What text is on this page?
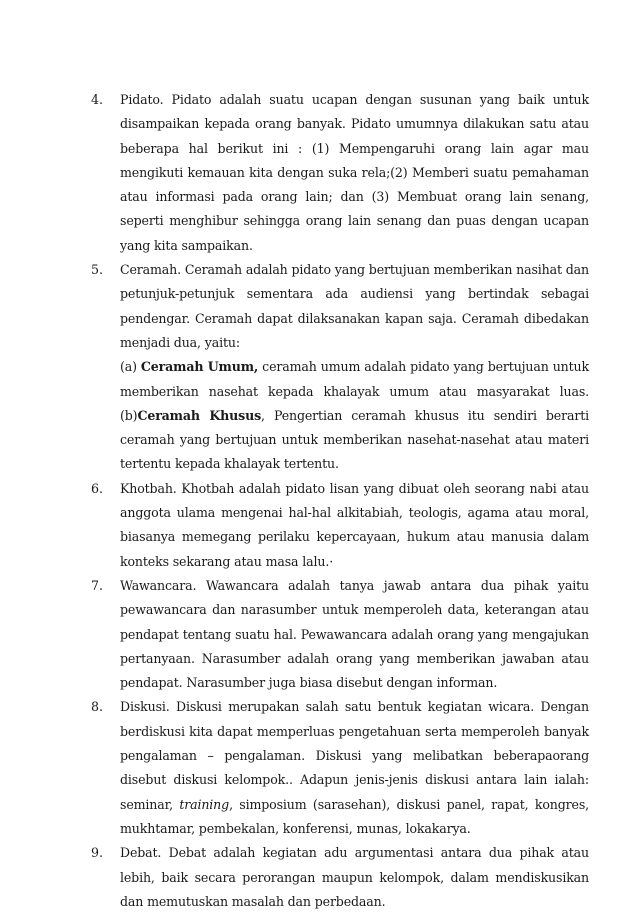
4. Pidato. Pidato adalah suatu ucapan dengan susunan yang baik untuk disampaikan kepada orang banyak. Pidato umumnya dilakukan satu atau beberapa hal berikut ini : (1) Mempengaruhi orang lain agar mau mengikuti kemauan kita dengan suka rela;(2) Memberi suatu pemahaman atau informasi pada orang lain; dan (3) Membuat orang lain senang, seperti menghibur sehingga orang lain senang dan puas dengan ucapan yang kita sampaikan.

5. Ceramah. Ceramah adalah pidato yang bertujuan memberikan nasihat dan petunjuk-petunjuk sementara ada audiensi yang bertindak sebagai pendengar. Ceramah dapat dilaksanakan kapan saja. Ceramah dibedakan menjadi dua, yaitu:

(a) Ceramah Umum, ceramah umum adalah pidato yang bertujuan untuk memberikan nasehat kepada khalayak umum atau masyarakat luas. (b)Ceramah Khusus, Pengertian ceramah khusus itu sendiri berarti ceramah yang bertujuan untuk memberikan nasehat-nasehat atau materi tertentu kepada khalayak tertentu.

6. Khotbah. Khotbah adalah pidato lisan yang dibuat oleh seorang nabi atau anggota ulama mengenai hal-hal alkitabiah, teologis, agama atau moral, biasanya memegang perilaku kepercayaan, hukum atau manusia dalam konteks sekarang atau masa lalu.·

7. Wawancara. Wawancara adalah tanya jawab antara dua pihak yaitu pewawancara dan narasumber untuk memperoleh data, keterangan atau pendapat tentang suatu hal. Pewawancara adalah orang yang mengajukan pertanyaan. Narasumber adalah orang yang memberikan jawaban atau pendapat. Narasumber juga biasa disebut dengan informan.

8. Diskusi. Diskusi merupakan salah satu bentuk kegiatan wicara. Dengan berdiskusi kita dapat memperluas pengetahuan serta memperoleh banyak pengalaman – pengalaman. Diskusi yang melibatkan beberapaorang disebut diskusi kelompok.. Adapun jenis-jenis diskusi antara lain ialah: seminar, training, simposium (sarasehan), diskusi panel, rapat, kongres, mukhtamar, pembekalan, konferensi, munas, lokakarya.

9. Debat. Debat adalah kegiatan adu argumentasi antara dua pihak atau lebih, baik secara perorangan maupun kelompok, dalam mendiskusikan dan memutuskan masalah dan perbedaan.
